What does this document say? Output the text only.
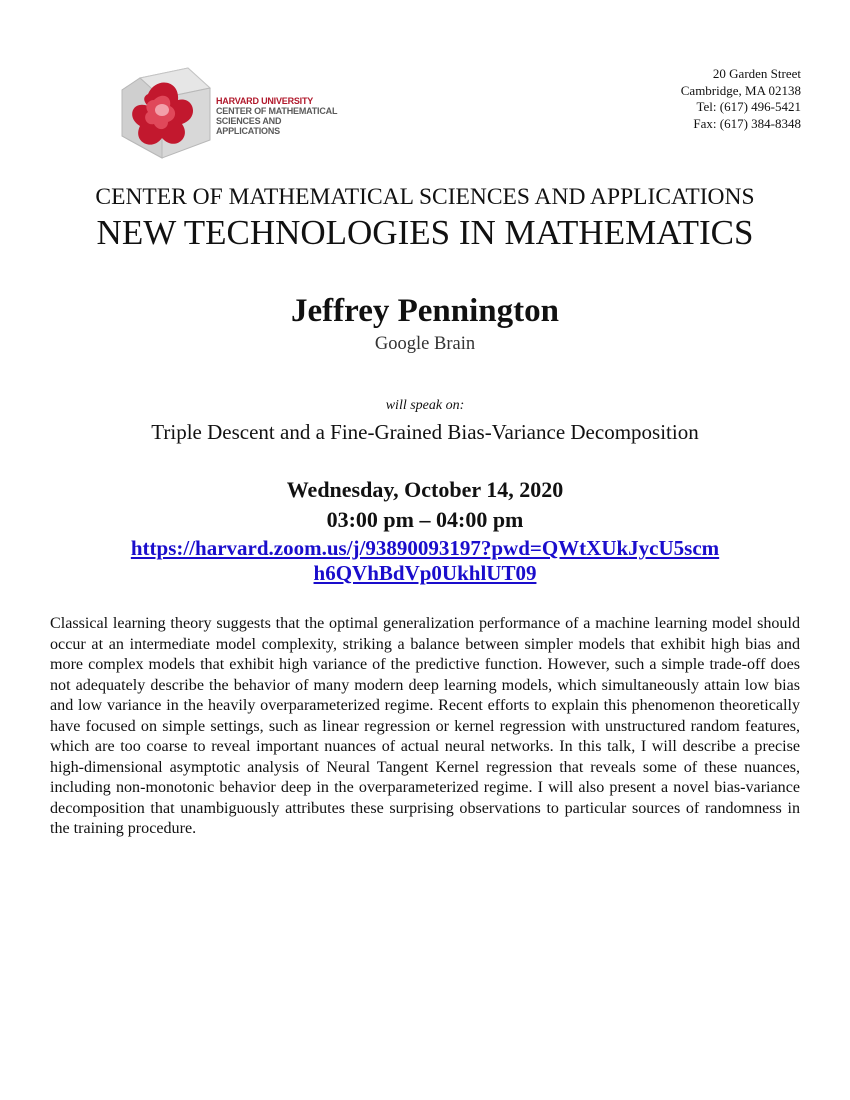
HARVARD UNIVERSITY
CENTER OF MATHEMATICAL
SCIENCES AND APPLICATIONS
20 Garden Street
Cambridge, MA 02138
Tel: (617) 496-5421
Fax: (617) 384-8348
CENTER OF MATHEMATICAL SCIENCES AND APPLICATIONS
NEW TECHNOLOGIES IN MATHEMATICS
Jeffrey Pennington
Google Brain
will speak on:
Triple Descent and a Fine-Grained Bias-Variance Decomposition
Wednesday, October 14, 2020
03:00 pm – 04:00 pm
https://harvard.zoom.us/j/93890093197?pwd=QWtXUkJycU5scm
h6QVhBdVp0UkhlUT09
Classical learning theory suggests that the optimal generalization performance of a machine learning model should occur at an intermediate model complexity, striking a balance between simpler models that exhibit high bias and more complex models that exhibit high variance of the predictive function. However, such a simple trade-off does not adequately describe the behavior of many modern deep learning models, which simultaneously attain low bias and low variance in the heavily overparameterized regime. Recent efforts to explain this phenomenon theoretically have focused on simple settings, such as linear regression or kernel regression with unstructured random features, which are too coarse to reveal important nuances of actual neural networks. In this talk, I will describe a precise high-dimensional asymptotic analysis of Neural Tangent Kernel regression that reveals some of these nuances, including non-monotonic behavior deep in the overparameterized regime. I will also present a novel bias-variance decomposition that unambiguously attributes these surprising observations to particular sources of randomness in the training procedure.
